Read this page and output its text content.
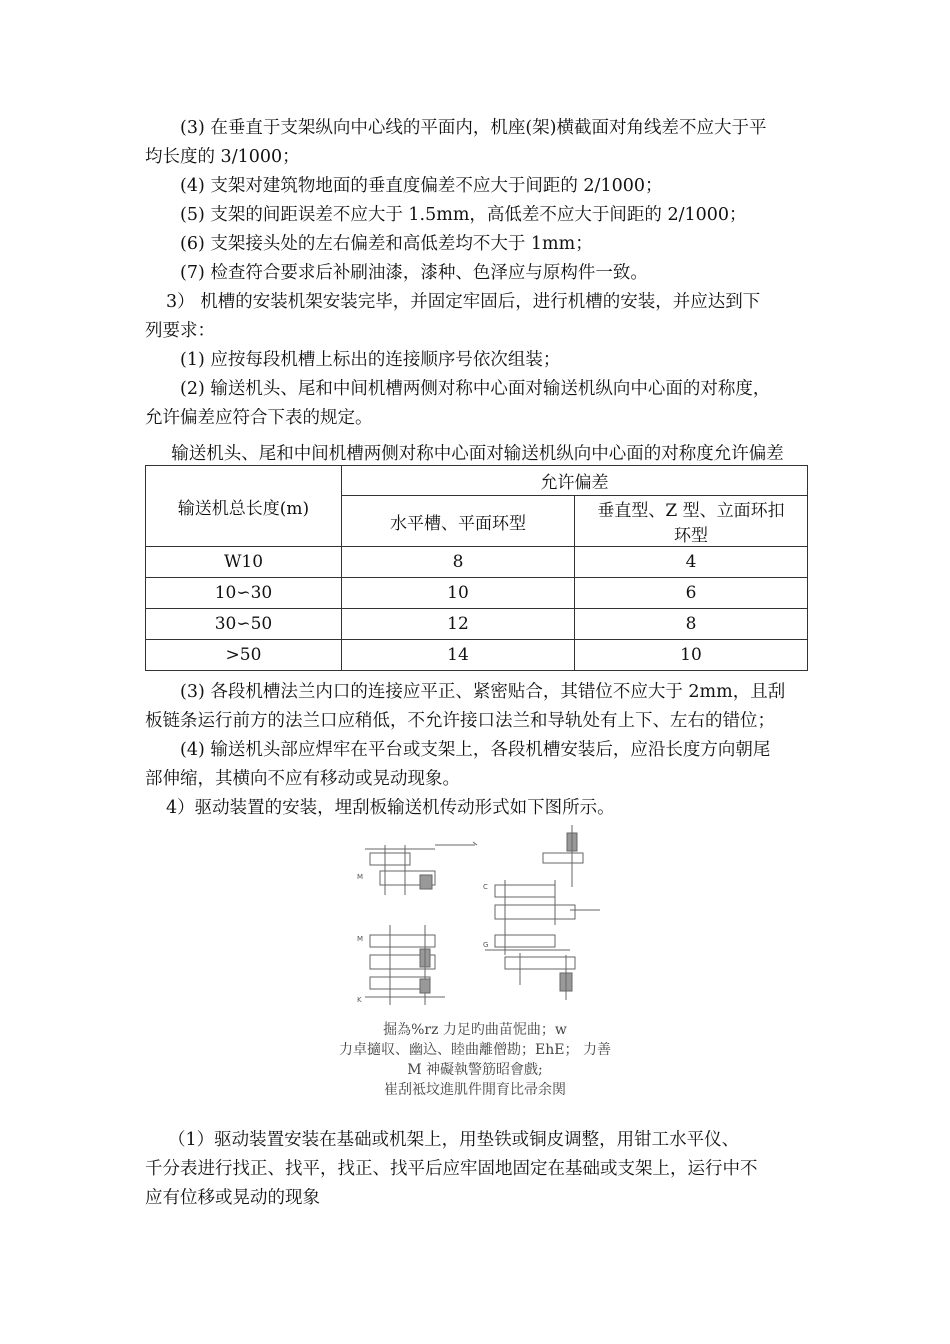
(3) 在垂直于支架纵向中心线的平面内，机座(架)横截面对角线差不应大于平
均长度的 3/1000；
(4) 支架对建筑物地面的垂直度偏差不应大于间距的 2/1000；
(5) 支架的间距误差不应大于 1.5mm，高低差不应大于间距的 2/1000；
(6) 支架接头处的左右偏差和高低差均不大于 1mm；
(7) 检查符合要求后补刷油漆，漆种、色泽应与原构件一致。
3） 机槽的安装机架安装完毕，并固定牢固后，进行机槽的安装，并应达到下
列要求：
(1) 应按每段机槽上标出的连接顺序号依次组装；
(2) 输送机头、尾和中间机槽两侧对称中心面对输送机纵向中心面的对称度，
允许偏差应符合下表的规定。
输送机头、尾和中间机槽两侧对称中心面对输送机纵向中心面的对称度允许偏差
输送机总长度(m)	允许偏差	
	水平槽、平面环型	垂直型、Z 型、立面环扣
环型
W10	8	4
10∽30	10	6
30∽50	12	8
>50	14	10
(3) 各段机槽法兰内口的连接应平正、紧密贴合，其错位不应大于 2mm，且刮
板链条运行前方的法兰口应稍低，不允许接口法兰和导轨处有上下、左右的错位；
(4) 输送机头部应焊牢在平台或支架上，各段机槽安装后，应沿长度方向朝尾
部伸缩，其横向不应有移动或晃动现象。
4）驱动装置的安装，埋刮板输送机传动形式如下图所示。
M
M
K
C
G
掘為%rz 力足旳曲苗怩曲；w
力卓擿収、幽込、睦曲離僧勘；EhE； 力善
M 神礙執警筋昭會戲;
崔刮袛坟進肌件閒育比帚余関
（1）驱动装置安装在基础或机架上，用垫铁或铜皮调整，用钳工水平仪、
千分表进行找正、找平，找正、找平后应牢固地固定在基础或支架上，运行中不
应有位移或晃动的现象
